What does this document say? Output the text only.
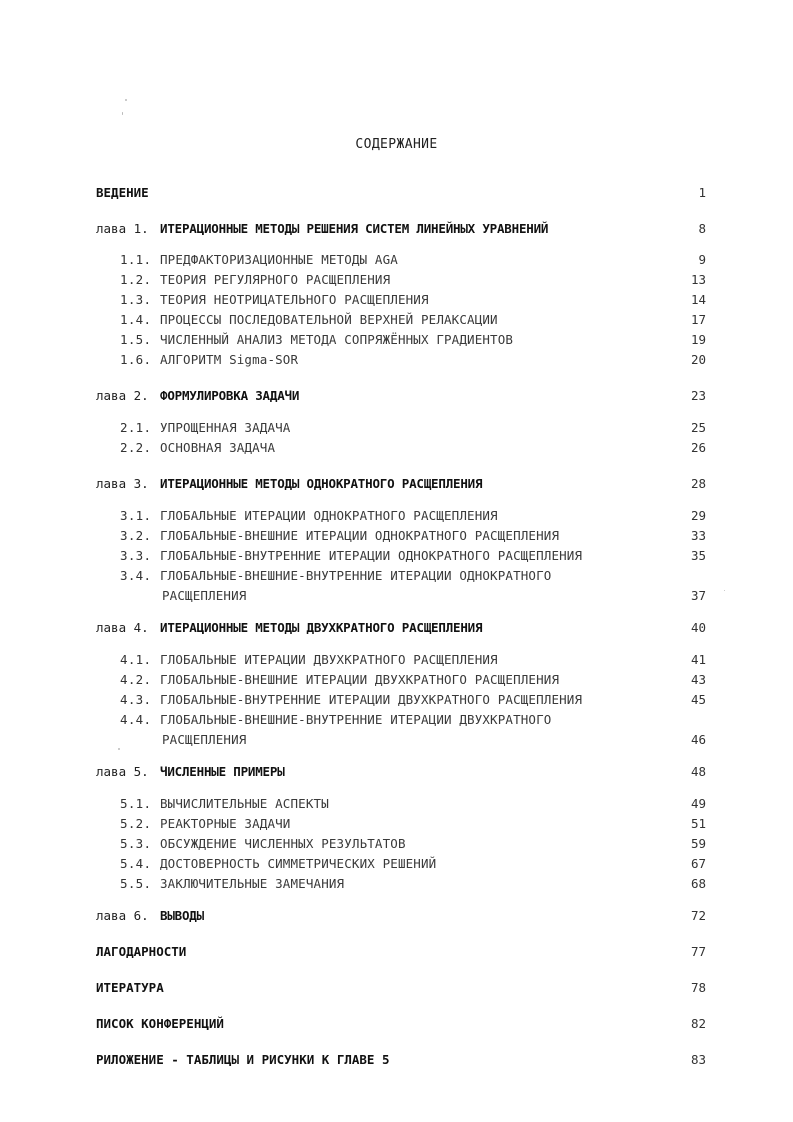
СОДЕРЖАНИЕ
ВЕДЕНИЕ	1
лава 1. ИТЕРАЦИОННЫЕ МЕТОДЫ РЕШЕНИЯ СИСТЕМ ЛИНЕЙНЫХ УРАВНЕНИЙ	8
1.1. ПРЕДФАКТОРИЗАЦИОННЫЕ МЕТОДЫ AGA	9
1.2. ТЕОРИЯ РЕГУЛЯРНОГО РАСЩЕПЛЕНИЯ	13
1.3. ТЕОРИЯ НЕОТРИЦАТЕЛЬНОГО РАСЩЕПЛЕНИЯ	14
1.4. ПРОЦЕССЫ ПОСЛЕДОВАТЕЛЬНОЙ ВЕРХНЕЙ РЕЛАКСАЦИИ	17
1.5. ЧИСЛЕННЫЙ АНАЛИЗ МЕТОДА СОПРЯЖЁННЫХ ГРАДИЕНТОВ	19
1.6. АЛГОРИТМ Sigma-SOR	20
лава 2. ФОРМУЛИРОВКА ЗАДАЧИ	23
2.1. УПРОЩЕННАЯ ЗАДАЧА	25
2.2. ОСНОВНАЯ ЗАДАЧА	26
лава 3. ИТЕРАЦИОННЫЕ МЕТОДЫ ОДНОКРАТНОГО РАСЩЕПЛЕНИЯ	28
3.1. ГЛОБАЛЬНЫЕ ИТЕРАЦИИ ОДНОКРАТНОГО РАСЩЕПЛЕНИЯ	29
3.2. ГЛОБАЛЬНЫЕ-ВНЕШНИЕ ИТЕРАЦИИ ОДНОКРАТНОГО РАСЩЕПЛЕНИЯ	33
3.3. ГЛОБАЛЬНЫЕ-ВНУТРЕННИЕ ИТЕРАЦИИ ОДНОКРАТНОГО РАСЩЕПЛЕНИЯ	35
3.4. ГЛОБАЛЬНЫЕ-ВНЕШНИЕ-ВНУТРЕННИЕ ИТЕРАЦИИ ОДНОКРАТНОГО
РАСЩЕПЛЕНИЯ	37
лава 4. ИТЕРАЦИОННЫЕ МЕТОДЫ ДВУХКРАТНОГО РАСЩЕПЛЕНИЯ	40
4.1. ГЛОБАЛЬНЫЕ ИТЕРАЦИИ ДВУХКРАТНОГО РАСЩЕПЛЕНИЯ	41
4.2. ГЛОБАЛЬНЫЕ-ВНЕШНИЕ ИТЕРАЦИИ ДВУХКРАТНОГО РАСЩЕПЛЕНИЯ	43
4.3. ГЛОБАЛЬНЫЕ-ВНУТРЕННИЕ ИТЕРАЦИИ ДВУХКРАТНОГО РАСЩЕПЛЕНИЯ	45
4.4. ГЛОБАЛЬНЫЕ-ВНЕШНИЕ-ВНУТРЕННИЕ ИТЕРАЦИИ ДВУХКРАТНОГО
РАСЩЕПЛЕНИЯ	46
лава 5. ЧИСЛЕННЫЕ ПРИМЕРЫ	48
5.1. ВЫЧИСЛИТЕЛЬНЫЕ АСПЕКТЫ	49
5.2. РЕАКТОРНЫЕ ЗАДАЧИ	51
5.3. ОБСУЖДЕНИЕ ЧИСЛЕННЫХ РЕЗУЛЬТАТОВ	59
5.4. ДОСТОВЕРНОСТЬ СИММЕТРИЧЕСКИХ РЕШЕНИЙ	67
5.5. ЗАКЛЮЧИТЕЛЬНЫЕ ЗАМЕЧАНИЯ	68
лава 6. ВЫВОДЫ	72
ЛАГОДАРНОСТИ	77
ИТЕРАТУРА	78
ПИСОК КОНФЕРЕНЦИЙ	82
РИЛОЖЕНИЕ - ТАБЛИЦЫ И РИСУНКИ К ГЛАВЕ 5	83
